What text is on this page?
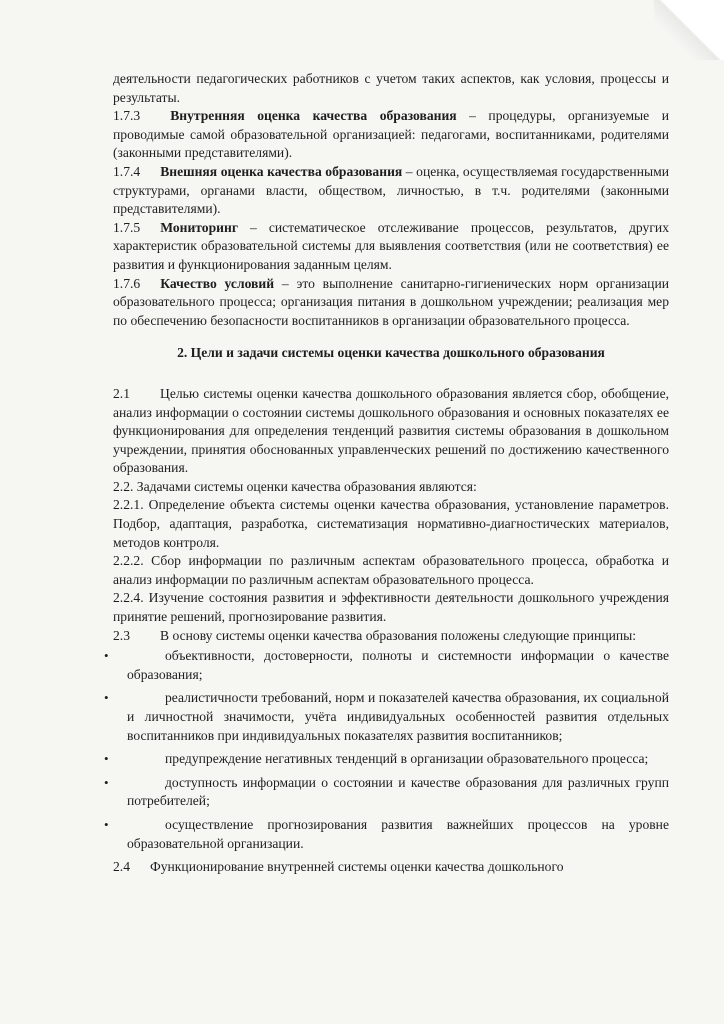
деятельности педагогических работников с учетом таких аспектов, как условия, процессы и результаты.

1.7.3 Внутренняя оценка качества образования – процедуры, организуемые и проводимые самой образовательной организацией: педагогами, воспитанниками, родителями (законными представителями).

1.7.4 Внешняя оценка качества образования – оценка, осуществляемая государственными структурами, органами власти, обществом, личностью, в т.ч. родителями (законными представителями).

1.7.5 Мониторинг – систематическое отслеживание процессов, результатов, других характеристик образовательной системы для выявления соответствия (или не соответствия) ее развития и функционирования заданным целям.

1.7.6 Качество условий – это выполнение санитарно-гигиенических норм организации образовательного процесса; организация питания в дошкольном учреждении; реализация мер по обеспечению безопасности воспитанников в организации образовательного процесса.

2. Цели и задачи системы оценки качества дошкольного образования

2.1 Целью системы оценки качества дошкольного образования является сбор, обобщение, анализ информации о состоянии системы дошкольного образования и основных показателях ее функционирования для определения тенденций развития системы образования в дошкольном учреждении, принятия обоснованных управленческих решений по достижению качественного образования.

2.2. Задачами системы оценки качества образования являются:

2.2.1. Определение объекта системы оценки качества образования, установление параметров. Подбор, адаптация, разработка, систематизация нормативно-диагностических материалов, методов контроля.

2.2.2. Сбор информации по различным аспектам образовательного процесса, обработка и анализ информации по различным аспектам образовательного процесса.

2.2.4. Изучение состояния развития и эффективности деятельности дошкольного учреждения принятие решений, прогнозирование развития.

2.3 В основу системы оценки качества образования положены следующие принципы:

•	объективности, достоверности, полноты и системности информации о качестве образования;
•	реалистичности требований, норм и показателей качества образования, их социальной и личностной значимости, учёта индивидуальных особенностей развития отдельных воспитанников при индивидуальных показателях развития воспитанников;
•	предупреждение негативных тенденций в организации образовательного процесса;
•	доступность информации о состоянии и качестве образования для различных групп потребителей;
•	осуществление прогнозирования развития важнейших процессов на уровне образовательной организации.

2.4 Функционирование внутренней системы оценки качества дошкольного
